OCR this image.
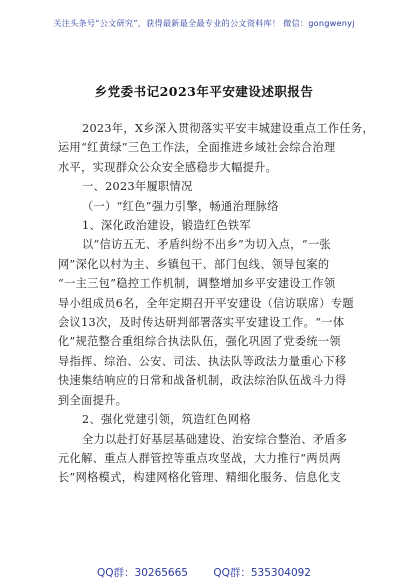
关注头条号“公文研究”，获得最新最全最专业的公文资料库！ 微信：gongwenyj
乡党委书记2023年平安建设述职报告
2023年，X乡深入贯彻落实平安丰城建设重点工作任务，
运用“红黄绿”三色工作法，全面推进乡域社会综合治理
水平，实现群众公众安全感稳步大幅提升。
一、2023年履职情况
（一）“红色”强力引擎，畅通治理脉络
1、深化政治建设，锻造红色铁军
以“信访五无、矛盾纠纷不出乡”为切入点，“一张
网”深化以村为主、乡镇包干、部门包线、领导包案的
“一主三包”稳控工作机制，调整增加乡平安建设工作领
导小组成员6名，全年定期召开平安建设（信访联席）专题
会议13次，及时传达研判部署落实平安建设工作。“一体
化”规范整合重组综合执法队伍，强化巩固了党委统一领
导指挥、综治、公安、司法、执法队等政法力量重心下移
快速集结响应的日常和战备机制，政法综治队伍战斗力得
到全面提升。
2、强化党建引领，筑造红色网格
全力以赴打好基层基础建设、治安综合整治、矛盾多
元化解、重点人群管控等重点攻坚战，大力推行“两员两
长”网格模式，构建网格化管理、精细化服务、信息化支
QQ群：30265665 QQ群：535304092
